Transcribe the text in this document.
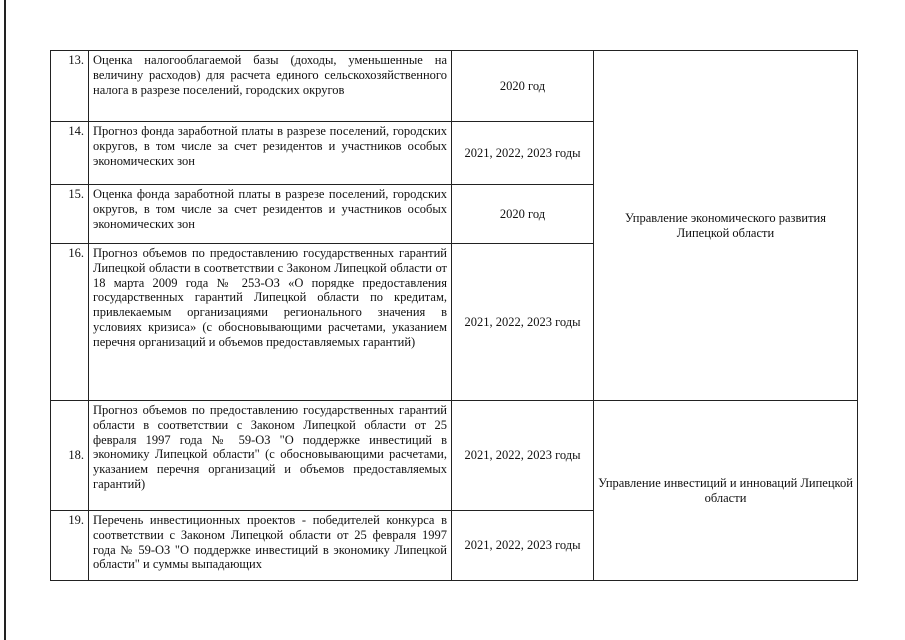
13.	Оценка налогооблагаемой базы (доходы, уменьшенные на величину расходов) для расчета единого сельскохозяйственного налога в разрезе поселений, городских округов	2020 год	Управление экономического развития Липецкой области
14.	Прогноз фонда заработной платы в разрезе поселений, городских округов, в том числе за счет резидентов и участников особых экономических зон	2021, 2022, 2023 годы	
15.	Оценка фонда заработной платы в разрезе поселений, городских округов, в том числе за счет резидентов и участников особых экономических зон	2020 год	
16.	Прогноз объемов по предоставлению государственных гарантий Липецкой области в соответствии с Законом Липецкой области от 18 марта 2009 года № 253-ОЗ «О порядке предоставления государственных гарантий Липецкой области по кредитам, привлекаемым организациями регионального значения в условиях кризиса» (с обосновывающими расчетами, указанием перечня организаций и объемов предоставляемых гарантий)	2021, 2022, 2023 годы	
18.	Прогноз объемов по предоставлению государственных гарантий области в соответствии с Законом Липецкой области от 25 февраля 1997 года № 59-ОЗ "О поддержке инвестиций в экономику Липецкой области" (с обосновывающими расчетами, указанием перечня организаций и объемов предоставляемых гарантий)	2021, 2022, 2023 годы	Управление инвестиций и инноваций Липецкой области
19.	Перечень инвестиционных проектов - победителей конкурса в соответствии с Законом Липецкой области от 25 февраля 1997 года № 59-ОЗ "О поддержке инвестиций в экономику Липецкой области" и суммы выпадающих	2021, 2022, 2023 годы	
